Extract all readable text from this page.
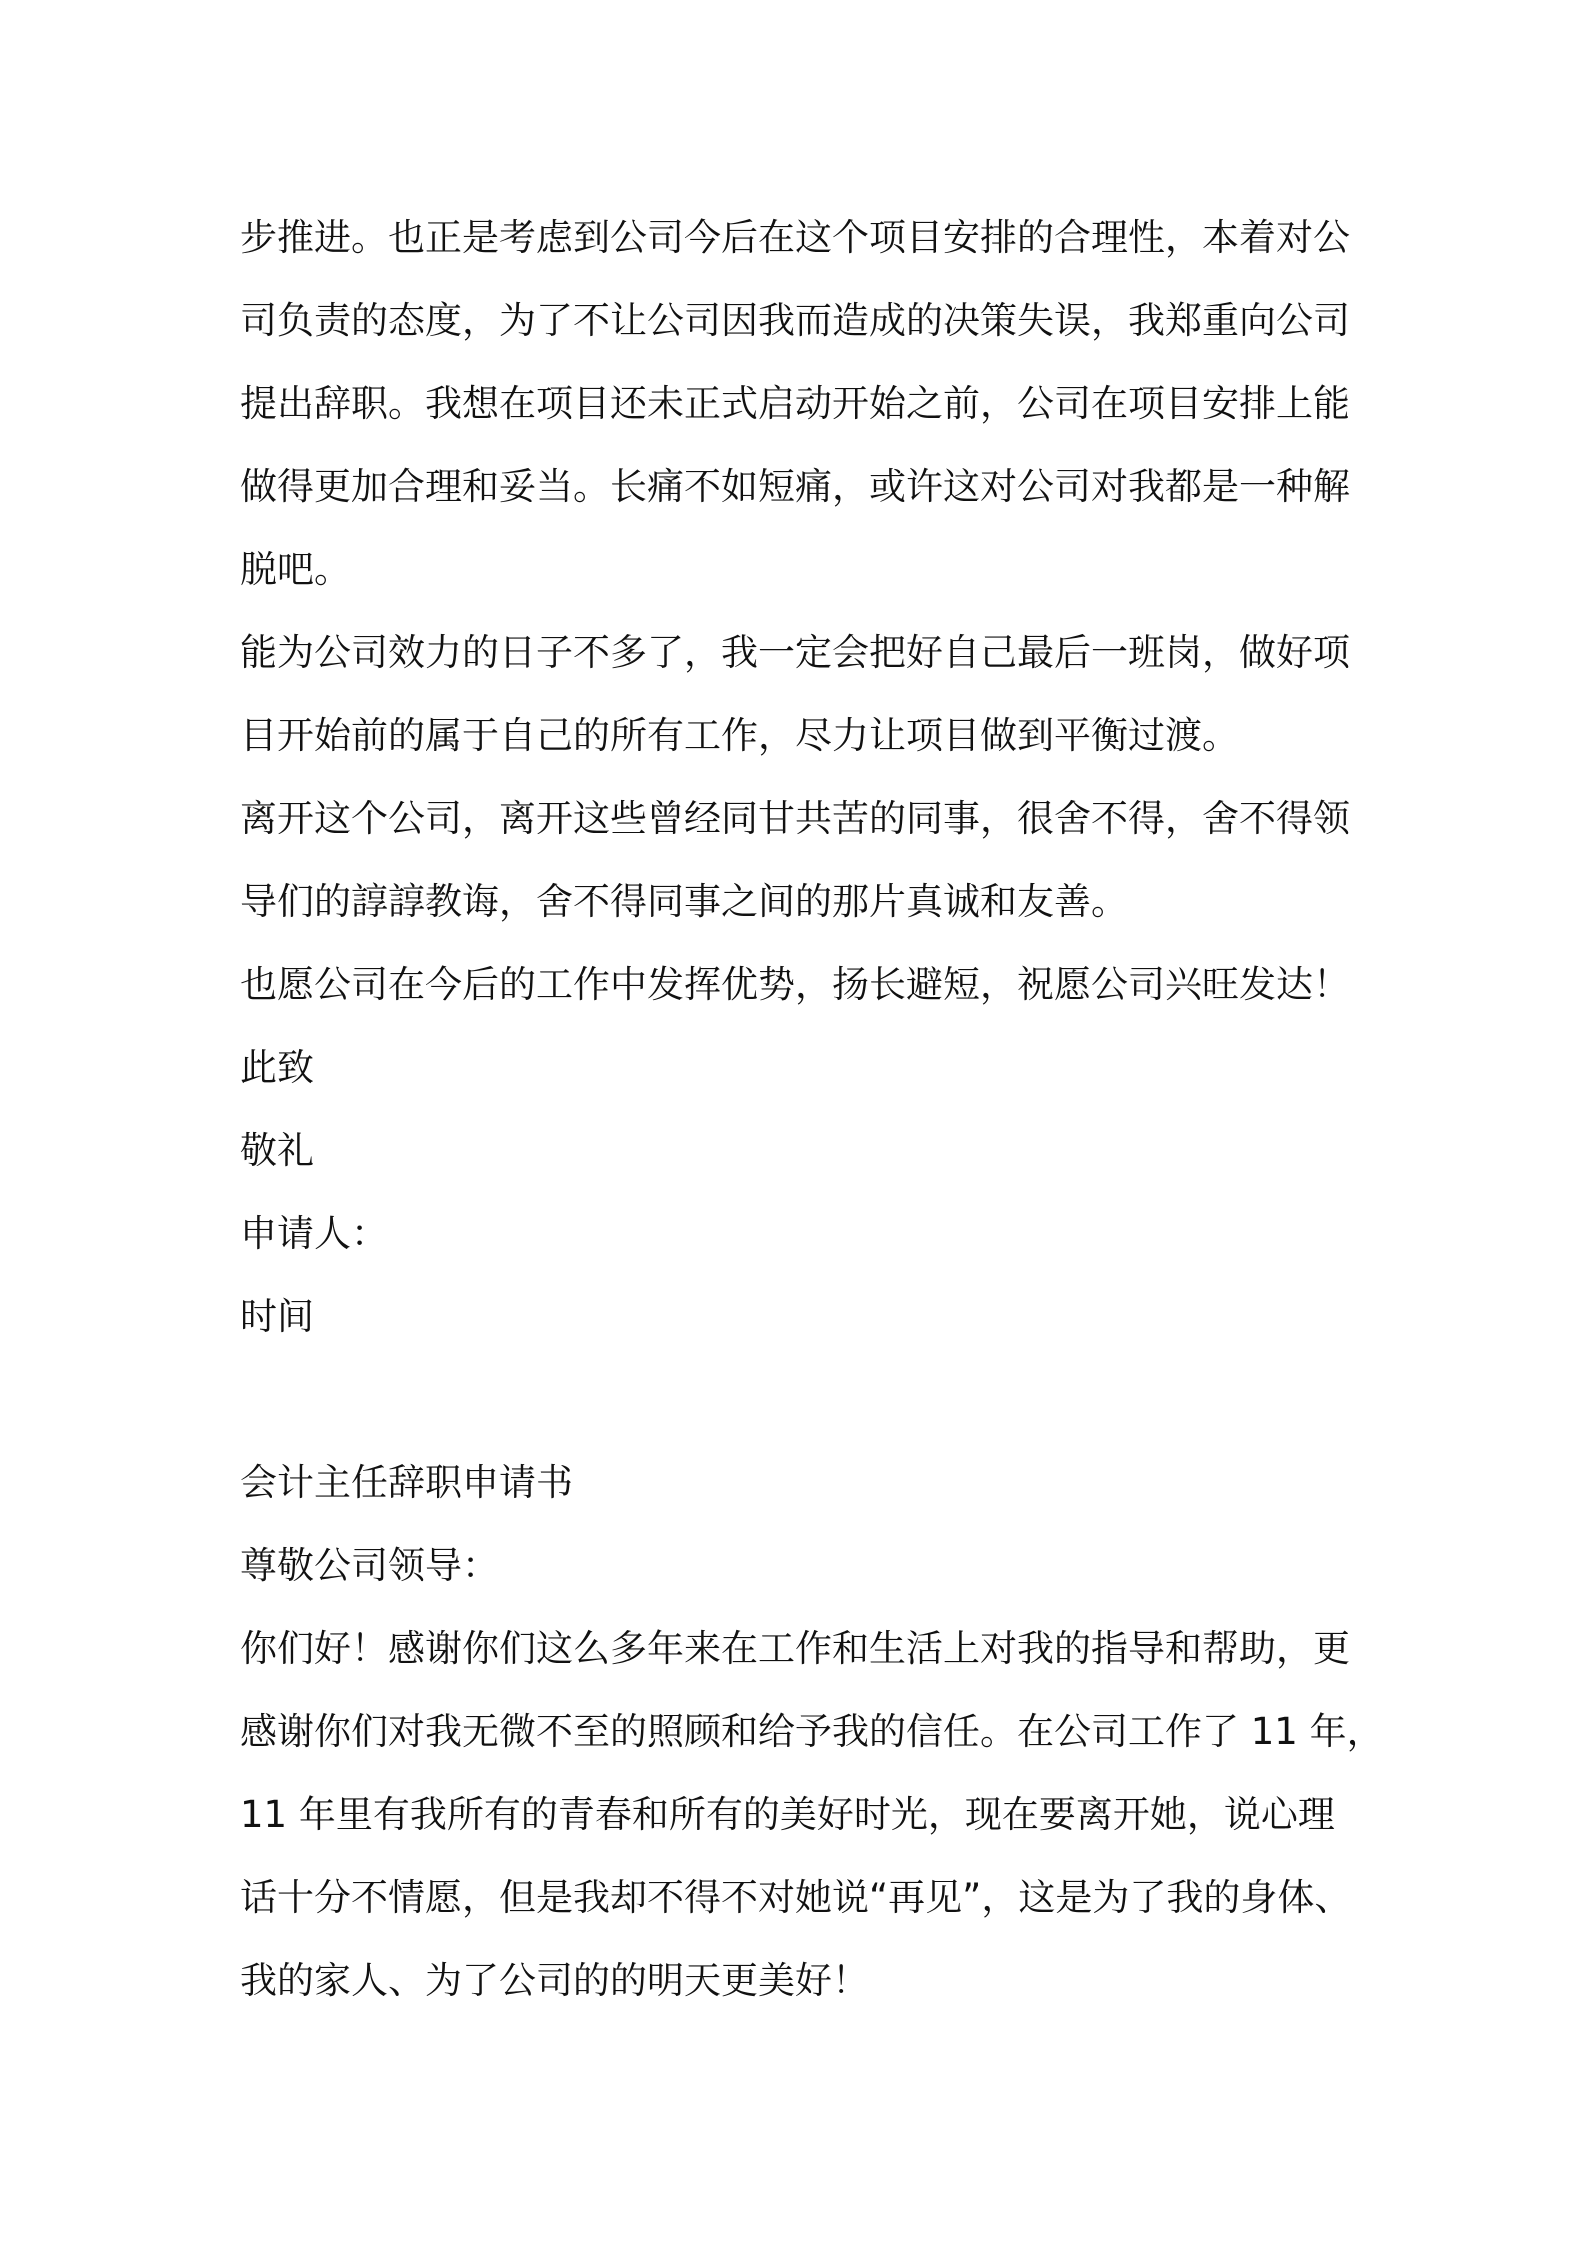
步推进。也正是考虑到公司今后在这个项目安排的合理性，本着对公
司负责的态度，为了不让公司因我而造成的决策失误，我郑重向公司
提出辞职。我想在项目还未正式启动开始之前，公司在项目安排上能
做得更加合理和妥当。长痛不如短痛，或许这对公司对我都是一种解
脱吧。
能为公司效力的日子不多了，我一定会把好自己最后一班岗，做好项
目开始前的属于自己的所有工作，尽力让项目做到平衡过渡。
离开这个公司，离开这些曾经同甘共苦的同事，很舍不得，舍不得领
导们的諄諄教诲，舍不得同事之间的那片真诚和友善。
也愿公司在今后的工作中发挥优势，扬长避短，祝愿公司兴旺发达！
此致
敬礼
申请人：
时间
会计主任辞职申请书
尊敬公司领导：
你们好！感谢你们这么多年来在工作和生活上对我的指导和帮助，更
感谢你们对我无微不至的照顾和给予我的信任。在公司工作了 11 年，
11 年里有我所有的青春和所有的美好时光，现在要离开她，说心理
话十分不情愿，但是我却不得不对她说“再见”，这是为了我的身体、
我的家人、为了公司的的明天更美好！
